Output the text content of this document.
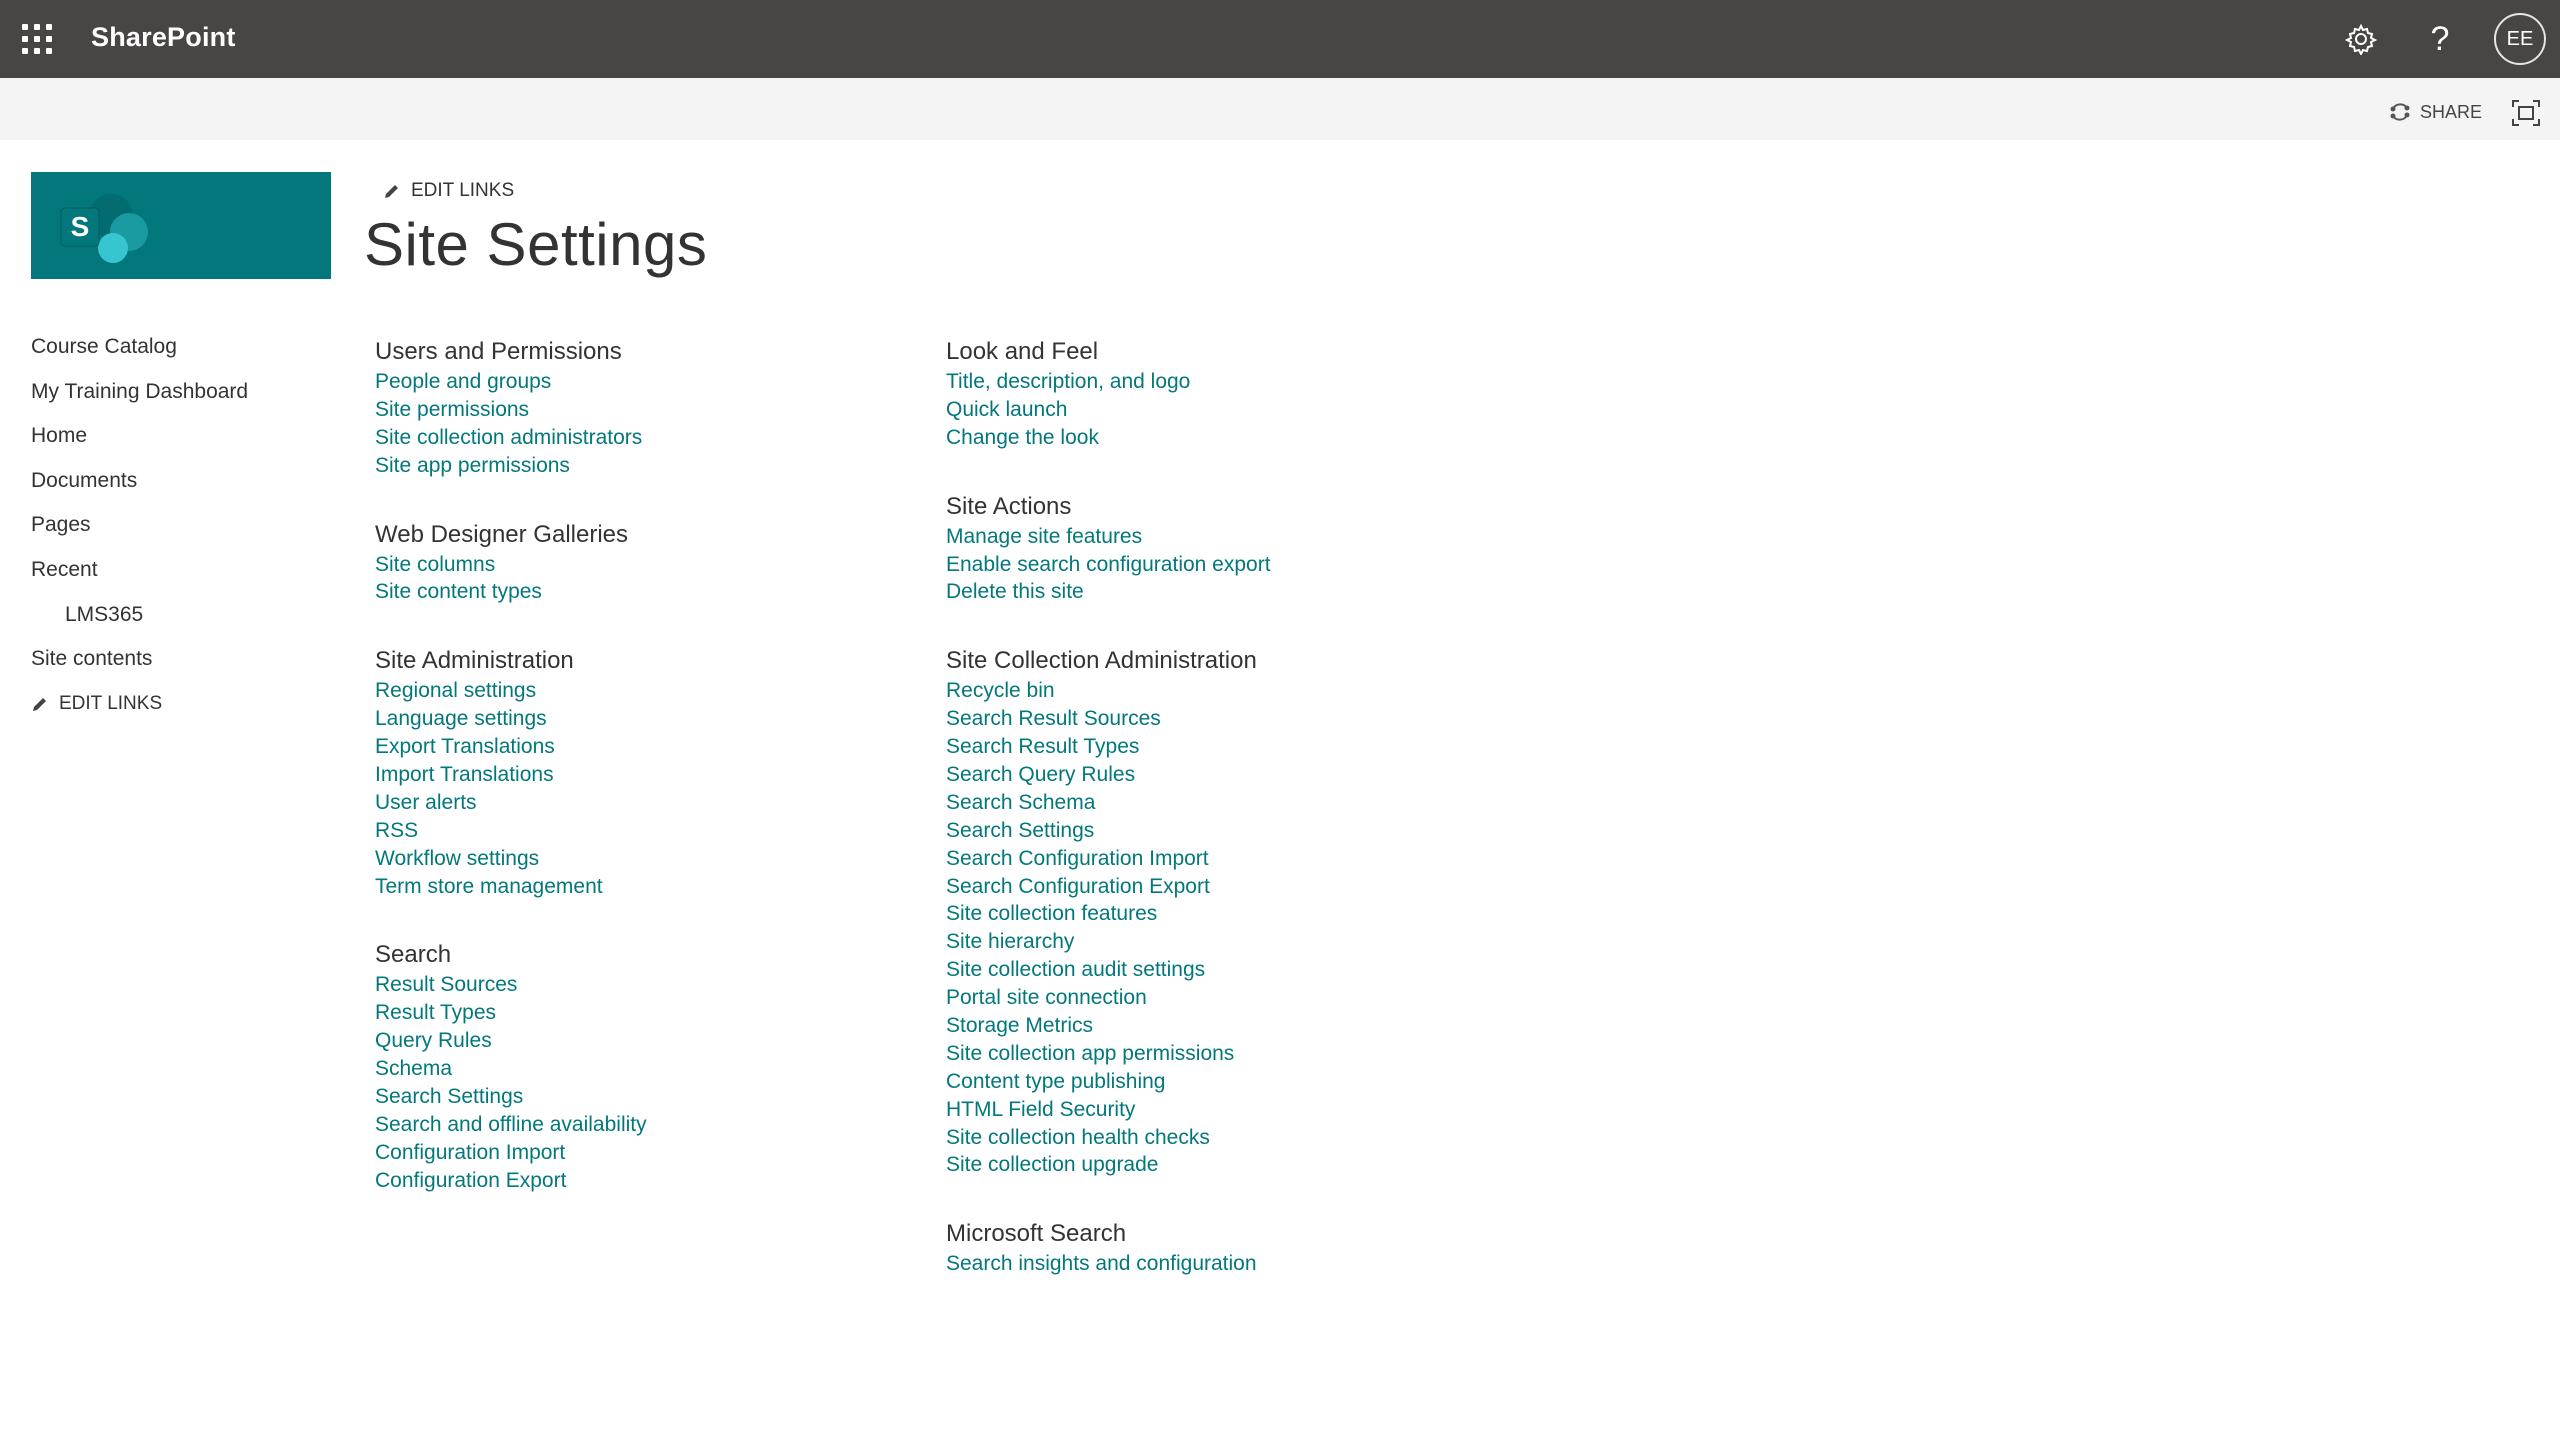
SharePoint	?	EE
SHARE
S
EDIT LINKS
Site Settings
Course Catalog
My Training Dashboard
Home
Documents
Pages
Recent
LMS365
Site contents
EDIT LINKS
Users and Permissions
People and groups
Site permissions
Site collection administrators
Site app permissions
Web Designer Galleries
Site columns
Site content types
Site Administration
Regional settings
Language settings
Export Translations
Import Translations
User alerts
RSS
Workflow settings
Term store management
Search
Result Sources
Result Types
Query Rules
Schema
Search Settings
Search and offline availability
Configuration Import
Configuration Export
Look and Feel
Title, description, and logo
Quick launch
Change the look
Site Actions
Manage site features
Enable search configuration export
Delete this site
Site Collection Administration
Recycle bin
Search Result Sources
Search Result Types
Search Query Rules
Search Schema
Search Settings
Search Configuration Import
Search Configuration Export
Site collection features
Site hierarchy
Site collection audit settings
Portal site connection
Storage Metrics
Site collection app permissions
Content type publishing
HTML Field Security
Site collection health checks
Site collection upgrade
Microsoft Search
Search insights and configuration
